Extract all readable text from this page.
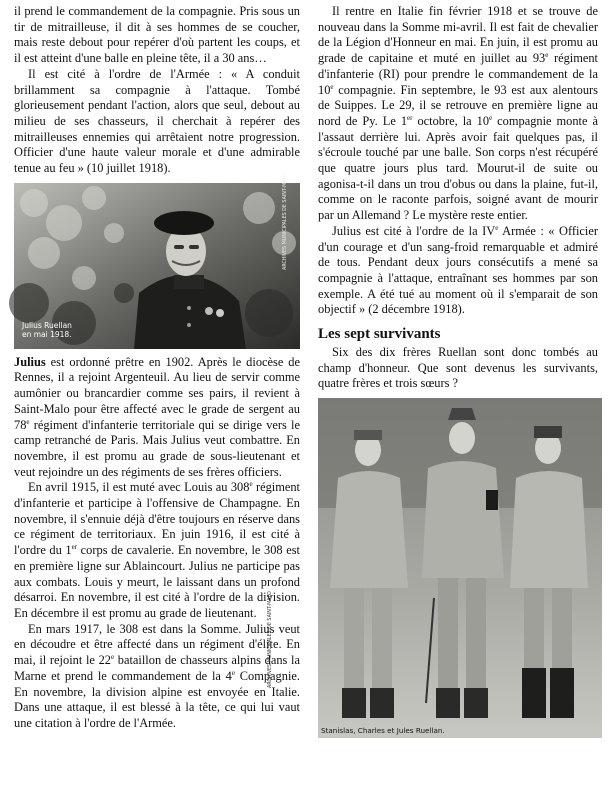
il prend le commandement de la compagnie. Pris sous un tir de mitrailleuse, il dit à ses hommes de se coucher, mais reste debout pour repérer d'où partent les coups, et il est atteint d'une balle en pleine tête, il a 30 ans…

Il est cité à l'ordre de l'Armée : « A conduit brillamment sa compagnie à l'attaque. Tombé glorieusement pendant l'action, alors que seul, debout au milieu de ses chasseurs, il cherchait à repérer des mitrailleuses ennemies qui arrêtaient notre progression. Officier d'une haute valeur morale et d'une admirable tenue au feu » (10 juillet 1918).

Julius Ruellan
en mai 1918.
ARCHIVES MUNICIPALES DE SAINT-MALO

Julius est ordonné prêtre en 1902. Après le diocèse de Rennes, il a rejoint Argenteuil. Au lieu de servir comme aumônier ou brancardier comme ses pairs, il revient à Saint-Malo pour être affecté avec le grade de sergent au 78e régiment d'infanterie territoriale qui se dirige vers le camp retranché de Paris. Mais Julius veut combattre. En novembre, il est promu au grade de sous-lieutenant et veut rejoindre un des régiments de ses frères officiers.

En avril 1915, il est muté avec Louis au 308e régiment d'infanterie et participe à l'offensive de Champagne. En novembre, il s'ennuie déjà d'être toujours en réserve dans ce régiment de territoriaux. En juin 1916, il est cité à l'ordre du 1er corps de cavalerie. En novembre, le 308 est en première ligne sur Ablaincourt. Julius ne participe pas aux combats. Louis y meurt, le laissant dans un profond désarroi. En novembre, il est cité à l'ordre de la division. En décembre il est promu au grade de lieutenant.

En mars 1917, le 308 est dans la Somme. Julius veut en découdre et être affecté dans un régiment d'élite. En mai, il rejoint le 22e bataillon de chasseurs alpins dans la Marne et prend le commandement de la 4e Compagnie. En novembre, la division alpine est envoyée en Italie. Dans une attaque, il est blessé à la tête, ce qui lui vaut une citation à l'ordre de l'Armée.

Il rentre en Italie fin février 1918 et se trouve de nouveau dans la Somme mi-avril. Il est fait de chevalier de la Légion d'Honneur en mai. En juin, il est promu au grade de capitaine et muté en juillet au 93e régiment d'infanterie (RI) pour prendre le commandement de la 10e compagnie. Fin septembre, le 93 est aux alentours de Suippes. Le 29, il se retrouve en première ligne au nord de Py. Le 1er octobre, la 10e compagnie monte à l'assaut derrière lui. Après avoir fait quelques pas, il s'écroule touché par une balle. Son corps n'est récupéré que quatre jours plus tard. Mourut-il de suite ou agonisa-t-il dans un trou d'obus ou dans la plaine, fut-il, comme on le raconte parfois, soigné avant de mourir par un Allemand ? Le mystère reste entier.

Julius est cité à l'ordre de la IVe Armée : « Officier d'un courage et d'un sang-froid remarquable et admiré de tous. Pendant deux jours consécutifs a mené sa compagnie à l'attaque, entraînant ses hommes par son exemple. A été tué au moment où il s'emparait de son objectif » (2 décembre 1918).

Les sept survivants

Six des dix frères Ruellan sont donc tombés au champ d'honneur. Que sont devenus les survivants, quatre frères et trois sœurs ?

Stanislas, Charles et Jules Ruellan.
ARCHIVES MUNICIPALES DE SAINT-MALO
